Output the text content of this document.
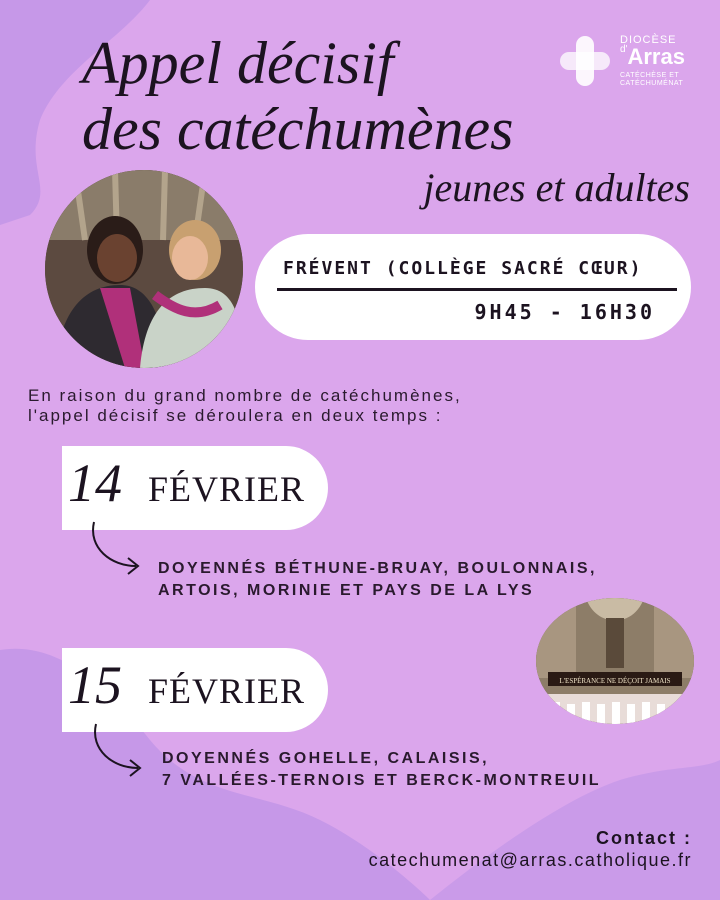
Appel décisif
des catéchumènes
jeunes et adultes
DIOCÈSE
$^{d'}$Arras
CATÉCHÈSE ET
CATÉCHUMÉNAT
FRÉVENT (COLLÈGE SACRÉ CŒUR)
9H45 - 16H30
En raison du grand nombre de catéchumènes,
l'appel décisif se déroulera en deux temps :
14 FÉVRIER
DOYENNÉS BÉTHUNE-BRUAY, BOULONNAIS,
ARTOIS, MORINIE ET PAYS DE LA LYS
L'ESPÉRANCE NE DÉÇOIT JAMAIS
15 FÉVRIER
DOYENNÉS GOHELLE, CALAISIS,
7 VALLÉES-TERNOIS ET BERCK-MONTREUIL
Contact :
catechumenat@arras.catholique.fr
